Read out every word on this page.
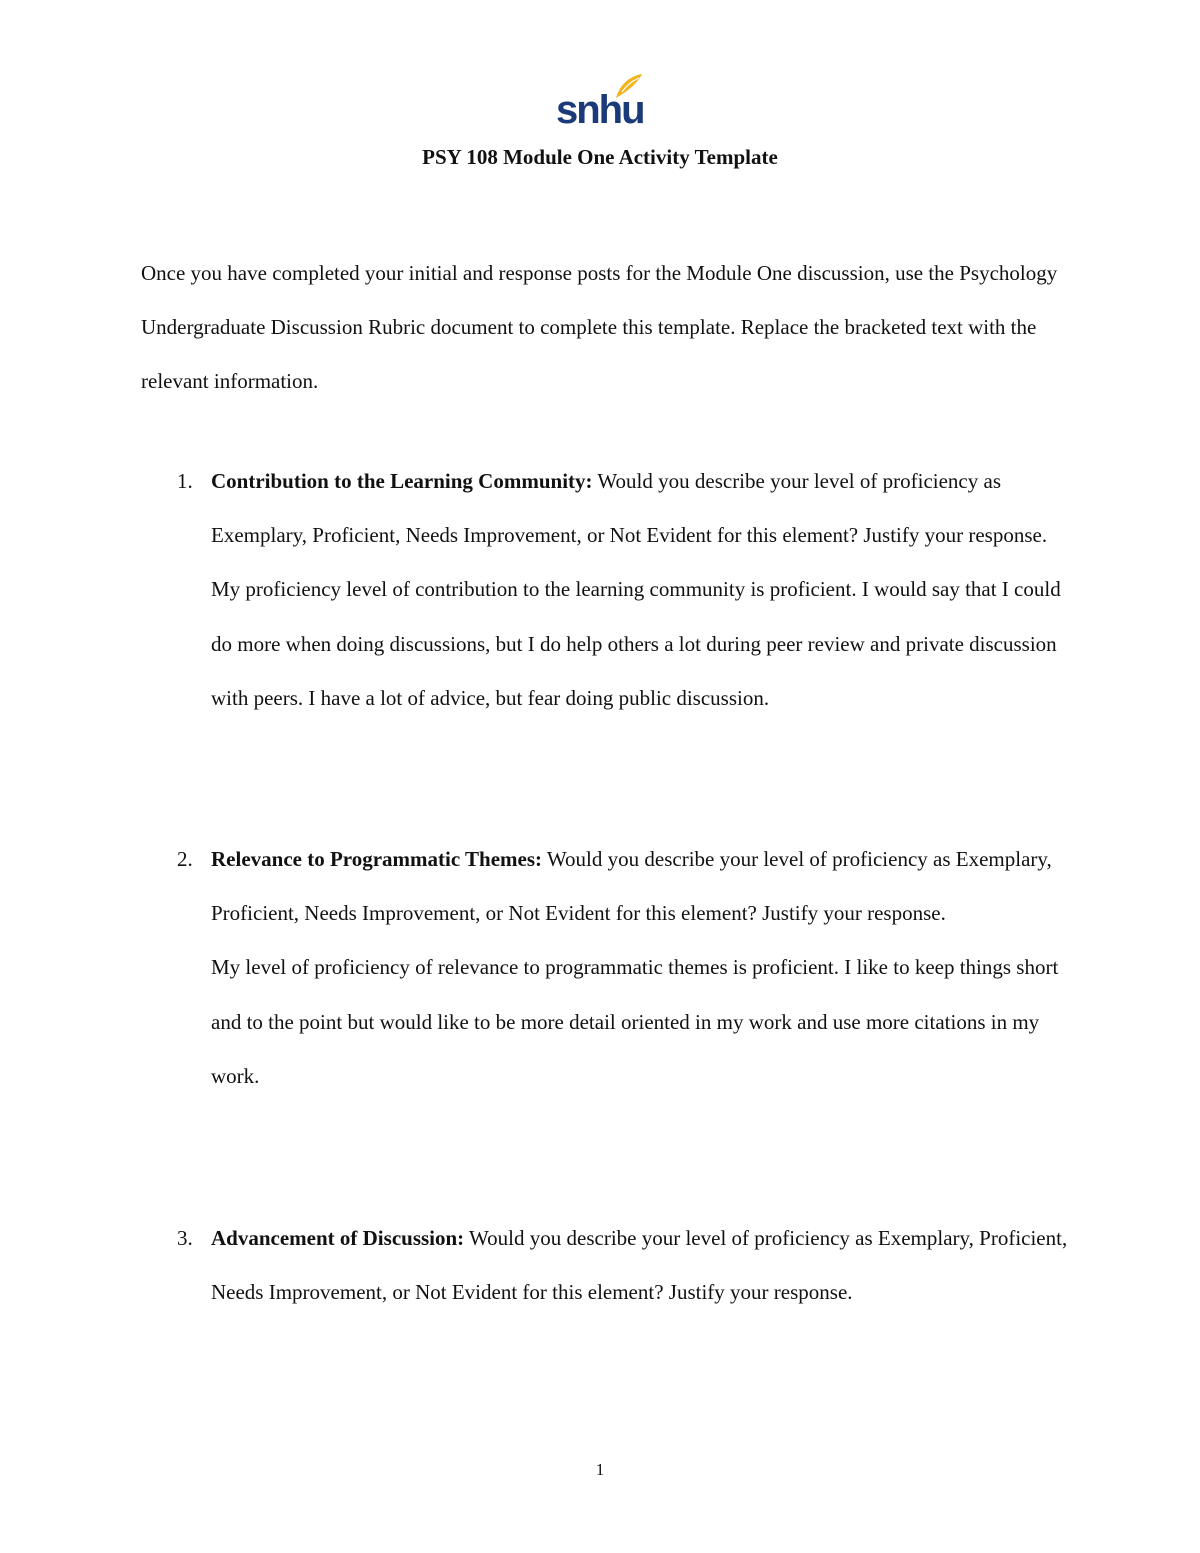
snhu
PSY 108 Module One Activity Template
Once you have completed your initial and response posts for the Module One discussion, use the Psychology Undergraduate Discussion Rubric document to complete this template. Replace the bracketed text with the relevant information.
1. Contribution to the Learning Community: Would you describe your level of proficiency as Exemplary, Proficient, Needs Improvement, or Not Evident for this element? Justify your response.

My proficiency level of contribution to the learning community is proficient. I would say that I could do more when doing discussions, but I do help others a lot during peer review and private discussion with peers. I have a lot of advice, but fear doing public discussion.

2. Relevance to Programmatic Themes: Would you describe your level of proficiency as Exemplary, Proficient, Needs Improvement, or Not Evident for this element? Justify your response.

My level of proficiency of relevance to programmatic themes is proficient. I like to keep things short and to the point but would like to be more detail oriented in my work and use more citations in my work.

3. Advancement of Discussion: Would you describe your level of proficiency as Exemplary, Proficient, Needs Improvement, or Not Evident for this element? Justify your response.

1
